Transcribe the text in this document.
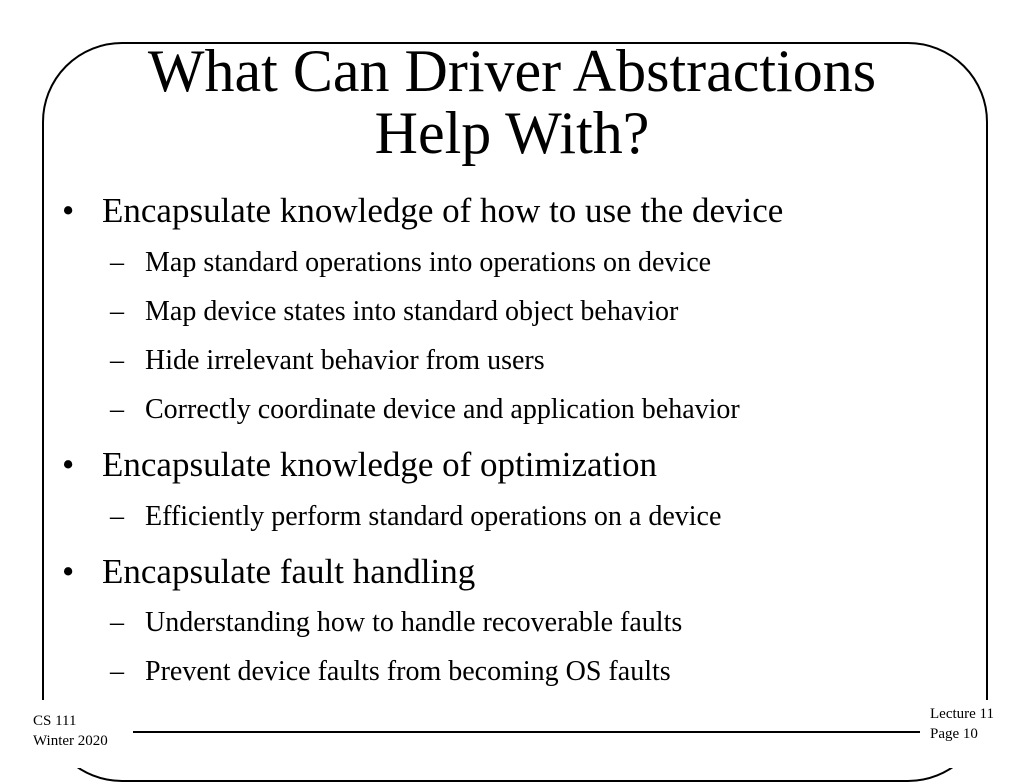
What Can Driver Abstractions
Help With?
• Encapsulate knowledge of how to use the device
– Map standard operations into operations on device
– Map device states into standard object behavior
– Hide irrelevant behavior from users
– Correctly coordinate device and application behavior
• Encapsulate knowledge of optimization
– Efficiently perform standard operations on a device
• Encapsulate fault handling
– Understanding how to handle recoverable faults
– Prevent device faults from becoming OS faults
CS 111
Winter 2020
Lecture 11
Page 10
